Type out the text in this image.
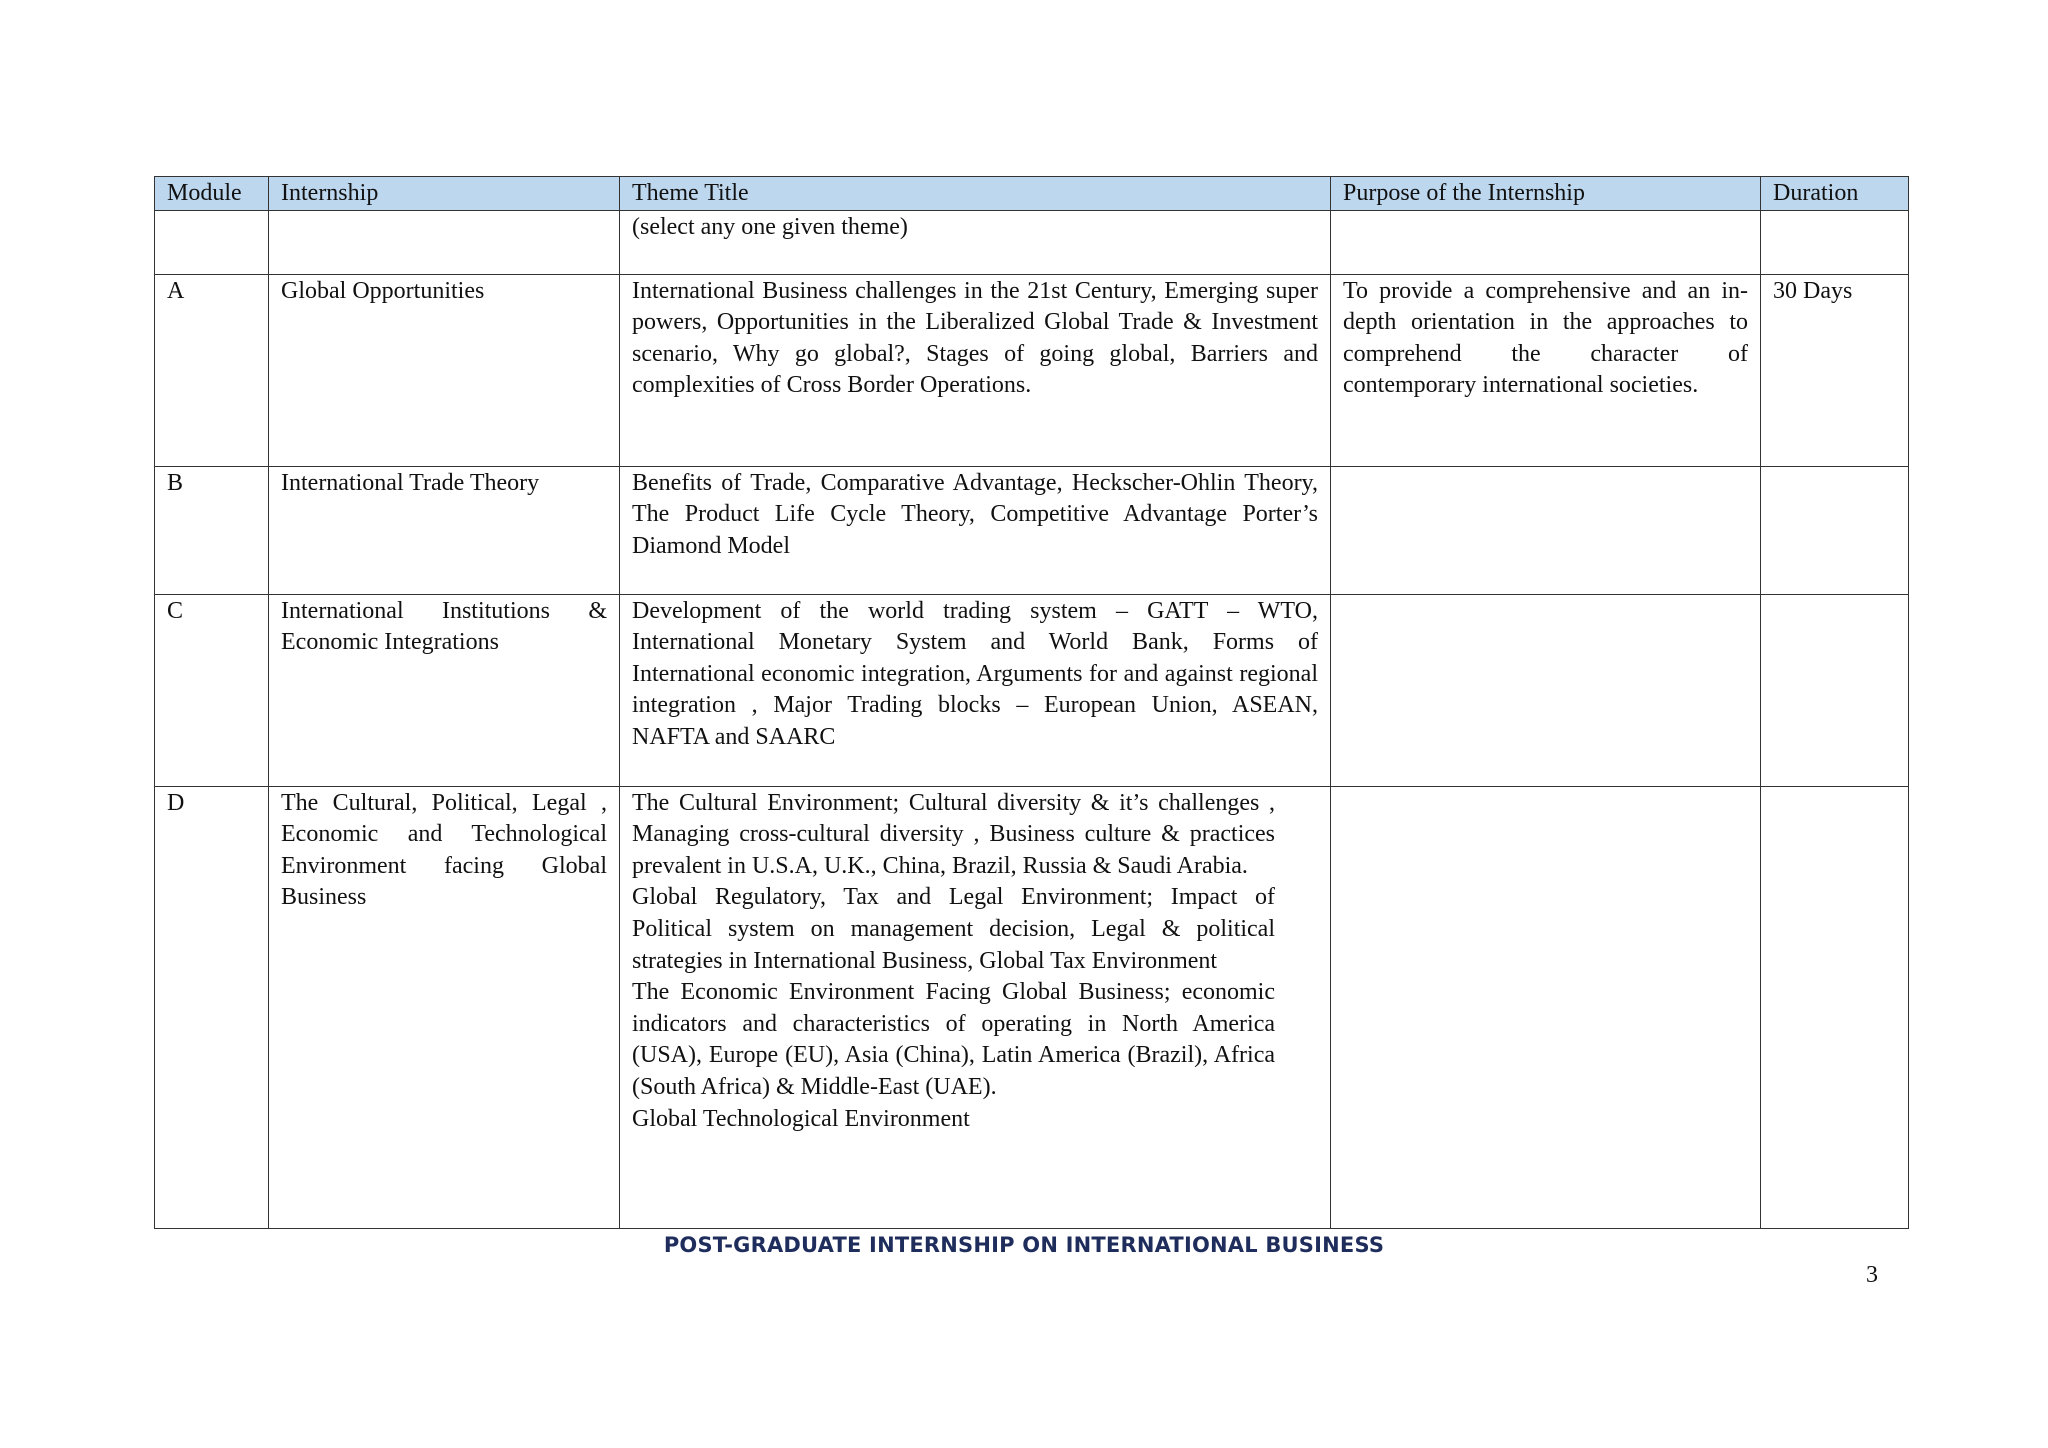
Module	Internship	Theme Title	Purpose of the Internship	Duration
		(select any one given theme)		
A	Global Opportunities	International Business challenges in the 21st Century, Emerging super powers, Opportunities in the Liberalized Global Trade & Investment scenario, Why go global?, Stages of going global, Barriers and complexities of Cross Border Operations.	To provide a comprehensive and an in-depth orientation in the approaches to comprehend the character of contemporary international societies.	30 Days
B	International Trade Theory	Benefits of Trade, Comparative Advantage, Heckscher-Ohlin Theory, The Product Life Cycle Theory, Competitive Advantage Porter’s Diamond Model		

C	International Institutions & Economic Integrations	Development of the world trading system – GATT – WTO, International Monetary System and World Bank, Forms of International economic integration, Arguments for and against regional integration , Major Trading blocks – European Union, ASEAN, NAFTA and SAARC		

D	The Cultural, Political, Legal , Economic and Technological Environment facing Global Business	The Cultural Environment; Cultural diversity & it’s challenges , Managing cross-cultural diversity , Business culture & practices prevalent in U.S.A, U.K., China, Brazil, Russia & Saudi Arabia.
Global Regulatory, Tax and Legal Environment; Impact of Political system on management decision, Legal & political strategies in International Business, Global Tax Environment
The Economic Environment Facing Global Business; economic indicators and characteristics of operating in North America (USA), Europe (EU), Asia (China), Latin America (Brazil), Africa (South Africa) & Middle-East (UAE).
Global Technological Environment		

POST-GRADUATE INTERNSHIP ON INTERNATIONAL BUSINESS
3
